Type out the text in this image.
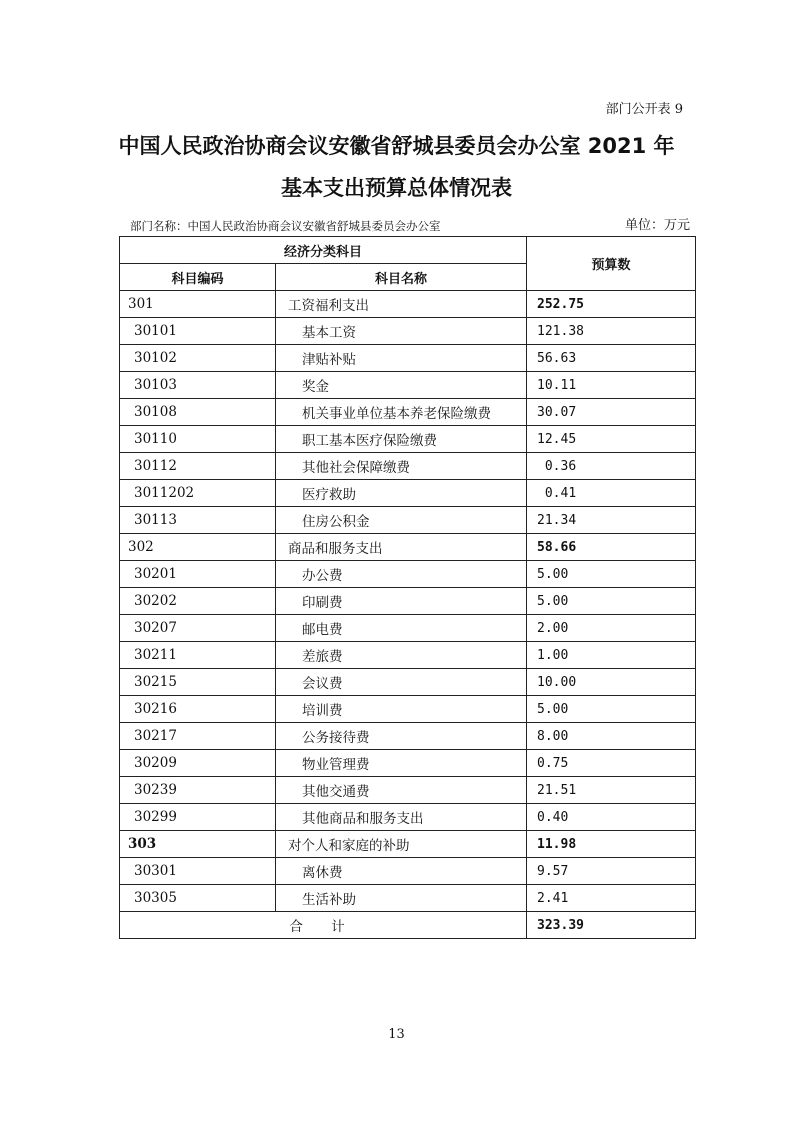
部门公开表 9
中国人民政治协商会议安徽省舒城县委员会办公室 2021 年
基本支出预算总体情况表
部门名称：中国人民政治协商会议安徽省舒城县委员会办公室	单位：万元
经济分类科目		预算数
科目编码	科目名称	
301	工资福利支出	252.75
30101	基本工资	121.38
30102	津贴补贴	56.63
30103	奖金	10.11
30108	机关事业单位基本养老保险缴费	30.07
30110	职工基本医疗保险缴费	12.45
30112	其他社会保障缴费	0.36
3011202	医疗救助	0.41
30113	住房公积金	21.34
302	商品和服务支出	58.66
30201	办公费	5.00
30202	印刷费	5.00
30207	邮电费	2.00
30211	差旅费	1.00
30215	会议费	10.00
30216	培训费	5.00
30217	公务接待费	8.00
30209	物业管理费	0.75
30239	其他交通费	21.51
30299	其他商品和服务支出	0.40
303	对个人和家庭的补助	11.98
30301	离休费	9.57
30305	生活补助	2.41
合 计		323.39
13
